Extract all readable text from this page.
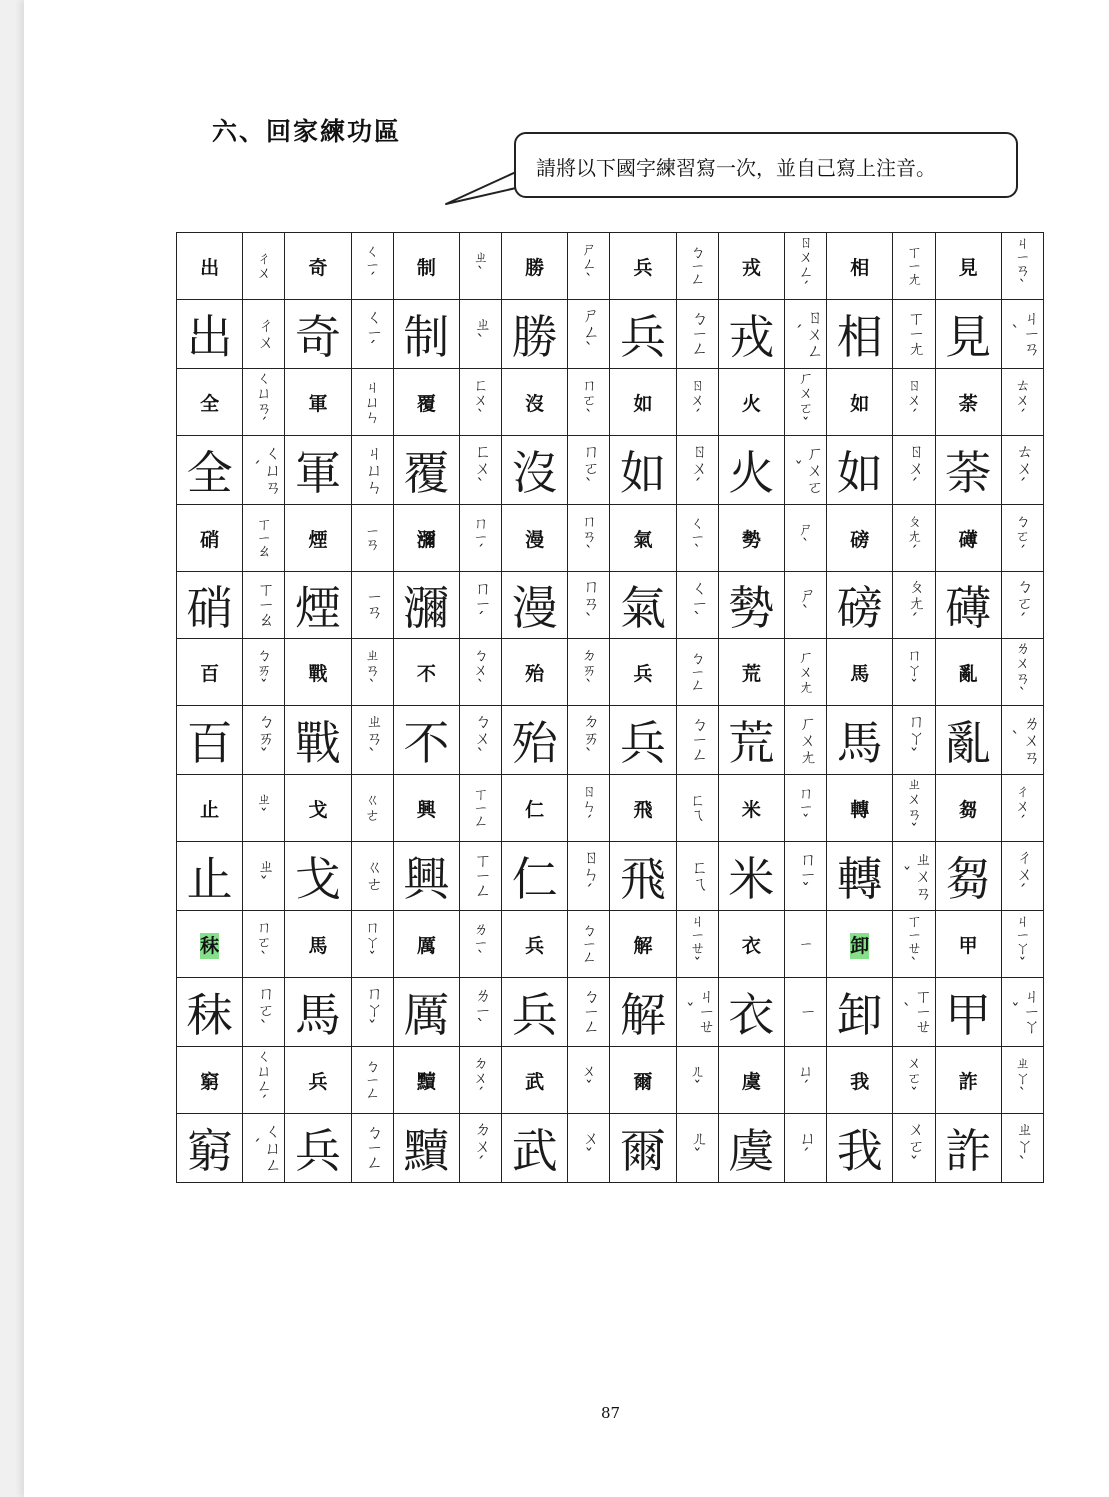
六、回家練功區
請將以下國字練習寫一次，並自己寫上注音。
出	ㄔㄨ	奇	ㄑㄧˊ	制	ㄓˋ	勝	ㄕㄥˋ	兵	ㄅㄧㄥ	戎	ㄖㄨㄥˊ	相	ㄒㄧㄤ	見	ㄐㄧㄢˋ
出	ㄔㄨ	奇	ㄑㄧˊ	制	ㄓˋ	勝	ㄕㄥˋ	兵	ㄅㄧㄥ	戎	ㄖㄨㄥˊ	相	ㄒㄧㄤ	見	ㄐㄧㄢˋ
全	ㄑㄩㄢˊ	軍	ㄐㄩㄣ	覆	ㄈㄨˋ	沒	ㄇㄛˋ	如	ㄖㄨˊ	火	ㄏㄨㄛˇ	如	ㄖㄨˊ	荼	ㄊㄨˊ
全	ㄑㄩㄢˊ	軍	ㄐㄩㄣ	覆	ㄈㄨˋ	沒	ㄇㄛˋ	如	ㄖㄨˊ	火	ㄏㄨㄛˇ	如	ㄖㄨˊ	荼	ㄊㄨˊ
硝	ㄒㄧㄠ	煙	ㄧㄢ	瀰	ㄇㄧˊ	漫	ㄇㄢˋ	氣	ㄑㄧˋ	勢	ㄕˋ	磅	ㄆㄤˊ	礡	ㄅㄛˊ
硝	ㄒㄧㄠ	煙	ㄧㄢ	瀰	ㄇㄧˊ	漫	ㄇㄢˋ	氣	ㄑㄧˋ	勢	ㄕˋ	磅	ㄆㄤˊ	礡	ㄅㄛˊ
百	ㄅㄞˇ	戰	ㄓㄢˋ	不	ㄅㄨˋ	殆	ㄉㄞˋ	兵	ㄅㄧㄥ	荒	ㄏㄨㄤ	馬	ㄇㄚˇ	亂	ㄌㄨㄢˋ
百	ㄅㄞˇ	戰	ㄓㄢˋ	不	ㄅㄨˋ	殆	ㄉㄞˋ	兵	ㄅㄧㄥ	荒	ㄏㄨㄤ	馬	ㄇㄚˇ	亂	ㄌㄨㄢˋ
止	ㄓˇ	戈	ㄍㄜ	興	ㄒㄧㄥ	仁	ㄖㄣˊ	飛	ㄈㄟ	米	ㄇㄧˇ	轉	ㄓㄨㄢˇ	芻	ㄔㄨˊ
止	ㄓˇ	戈	ㄍㄜ	興	ㄒㄧㄥ	仁	ㄖㄣˊ	飛	ㄈㄟ	米	ㄇㄧˇ	轉	ㄓㄨㄢˇ	芻	ㄔㄨˊ
秣	ㄇㄛˋ	馬	ㄇㄚˇ	厲	ㄌㄧˋ	兵	ㄅㄧㄥ	解	ㄐㄧㄝˇ	衣	ㄧ	卸	ㄒㄧㄝˋ	甲	ㄐㄧㄚˇ
秣	ㄇㄛˋ	馬	ㄇㄚˇ	厲	ㄌㄧˋ	兵	ㄅㄧㄥ	解	ㄐㄧㄝˇ	衣	ㄧ	卸	ㄒㄧㄝˋ	甲	ㄐㄧㄚˇ
窮	ㄑㄩㄥˊ	兵	ㄅㄧㄥ	黷	ㄉㄨˊ	武	ㄨˇ	爾	ㄦˇ	虞	ㄩˊ	我	ㄨㄛˇ	詐	ㄓㄚˋ
窮	ㄑㄩㄥˊ	兵	ㄅㄧㄥ	黷	ㄉㄨˊ	武	ㄨˇ	爾	ㄦˇ	虞	ㄩˊ	我	ㄨㄛˇ	詐	ㄓㄚˋ
87
